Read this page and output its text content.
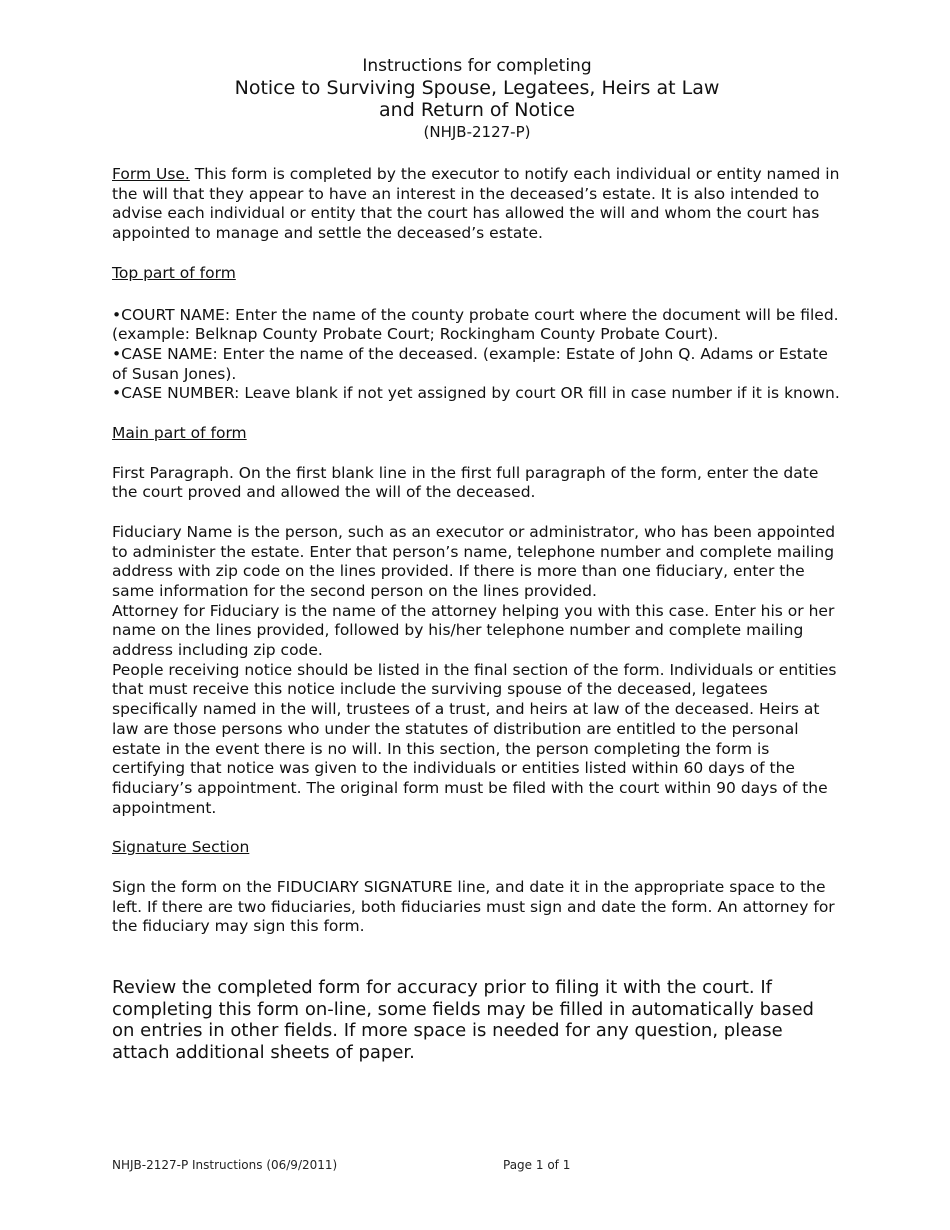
Instructions for completing
Notice to Surviving Spouse, Legatees, Heirs at Law
and Return of Notice
(NHJB-2127-P)

Form Use. This form is completed by the executor to notify each individual or entity named in the will that they appear to have an interest in the deceased’s estate. It is also intended to advise each individual or entity that the court has allowed the will and whom the court has appointed to manage and settle the deceased’s estate.

Top part of form

•COURT NAME: Enter the name of the county probate court where the document will be filed. (example: Belknap County Probate Court; Rockingham County Probate Court).

•CASE NAME: Enter the name of the deceased. (example: Estate of John Q. Adams or Estate of Susan Jones).

•CASE NUMBER: Leave blank if not yet assigned by court OR fill in case number if it is known.

Main part of form

First Paragraph. On the first blank line in the first full paragraph of the form, enter the date the court proved and allowed the will of the deceased.

Fiduciary Name is the person, such as an executor or administrator, who has been appointed to administer the estate. Enter that person’s name, telephone number and complete mailing address with zip code on the lines provided. If there is more than one fiduciary, enter the same information for the second person on the lines provided.

Attorney for Fiduciary is the name of the attorney helping you with this case. Enter his or her name on the lines provided, followed by his/her telephone number and complete mailing address including zip code.

People receiving notice should be listed in the final section of the form. Individuals or entities that must receive this notice include the surviving spouse of the deceased, legatees specifically named in the will, trustees of a trust, and heirs at law of the deceased. Heirs at law are those persons who under the statutes of distribution are entitled to the personal estate in the event there is no will. In this section, the person completing the form is certifying that notice was given to the individuals or entities listed within 60 days of the fiduciary’s appointment. The original form must be filed with the court within 90 days of the appointment.

Signature Section

Sign the form on the FIDUCIARY SIGNATURE line, and date it in the appropriate space to the left. If there are two fiduciaries, both fiduciaries must sign and date the form. An attorney for the fiduciary may sign this form.

Review the completed form for accuracy prior to filing it with the court. If completing this form on-line, some fields may be filled in automatically based on entries in other fields. If more space is needed for any question, please attach additional sheets of paper.

NHJB-2127-P Instructions (06/9/2011)	Page 1 of 1
